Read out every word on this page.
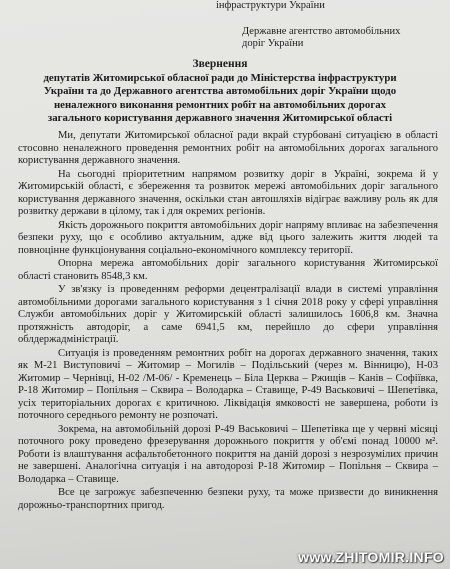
інфраструктури України
Державне агентство автомобільних
доріг України
Звернення
депутатів Житомирської обласної ради до Міністерства інфраструктури
України та до Державного агентства автомобільних доріг України щодо
неналежного виконання ремонтних робіт на автомобільних дорогах
загального користування державного значення Житомирської області

Ми, депутати Житомирської обласної ради вкрай стурбовані ситуацією в області стосовно неналежного проведення ремонтних робіт на автомобільних дорогах загального користування державного значення.

На сьогодні пріоритетним напрямом розвитку доріг в Україні, зокрема й у Житомирській області, є збереження та розвиток мережі автомобільних доріг загального користування державного значення, оскільки стан автошляхів відіграє важливу роль як для розвитку держави в цілому, так і для окремих регіонів.

Якість дорожнього покриття автомобільних доріг напряму впливає на забезпечення безпеки руху, що є особливо актуальним, адже від цього залежить життя людей та повноцінне функціонування соціально-економічного комплексу території.

Опорна мережа автомобільних доріг загального користування Житомирської області становить 8548,3 км.

У зв'язку із проведенням реформи децентралізації влади в системі управління автомобільними дорогами загального користування з 1 січня 2018 року у сфері управління Служби автомобільних доріг у Житомирській області залишилось 1606,8 км. Значна протяжність автодоріг, а саме 6941,5 км, перейшло до сфери управління облдержадміністрації.

Ситуація із проведенням ремонтних робіт на дорогах державного значення, таких як М-21 Виступовичі – Житомир – Могилів – Подільський (через м. Вінницю), Н-03 Житомир – Чернівці, Н-02 /М-06/ - Кременець – Біла Церква – Ржищів – Канів – Софіївка, Р-18 Житомир – Попільня – Сквира – Володарка – Ставище, Р-49 Васьковичі – Шепетівка, усіх територіальних дорогах є критичною. Ліквідація ямковості не завершена, роботи із поточного середнього ремонту не розпочаті.

Зокрема, на автомобільній дорозі Р-49 Васьковичі – Шепетівка ще у червні місяці поточного року проведено фрезерування дорожнього покриття у об'ємі понад 10000 м². Роботи із влаштування асфальтобетонного покриття на даній дорозі з незрозумілих причин не завершені. Аналогічна ситуація і на автодорозі Р-18 Житомир – Попільня – Сквира – Володарка – Ставище.

Все це загрожує забезпеченню безпеки руху, та може призвести до виникнення дорожньо-транспортних пригод.

www.ZHITOMIR.INFO
